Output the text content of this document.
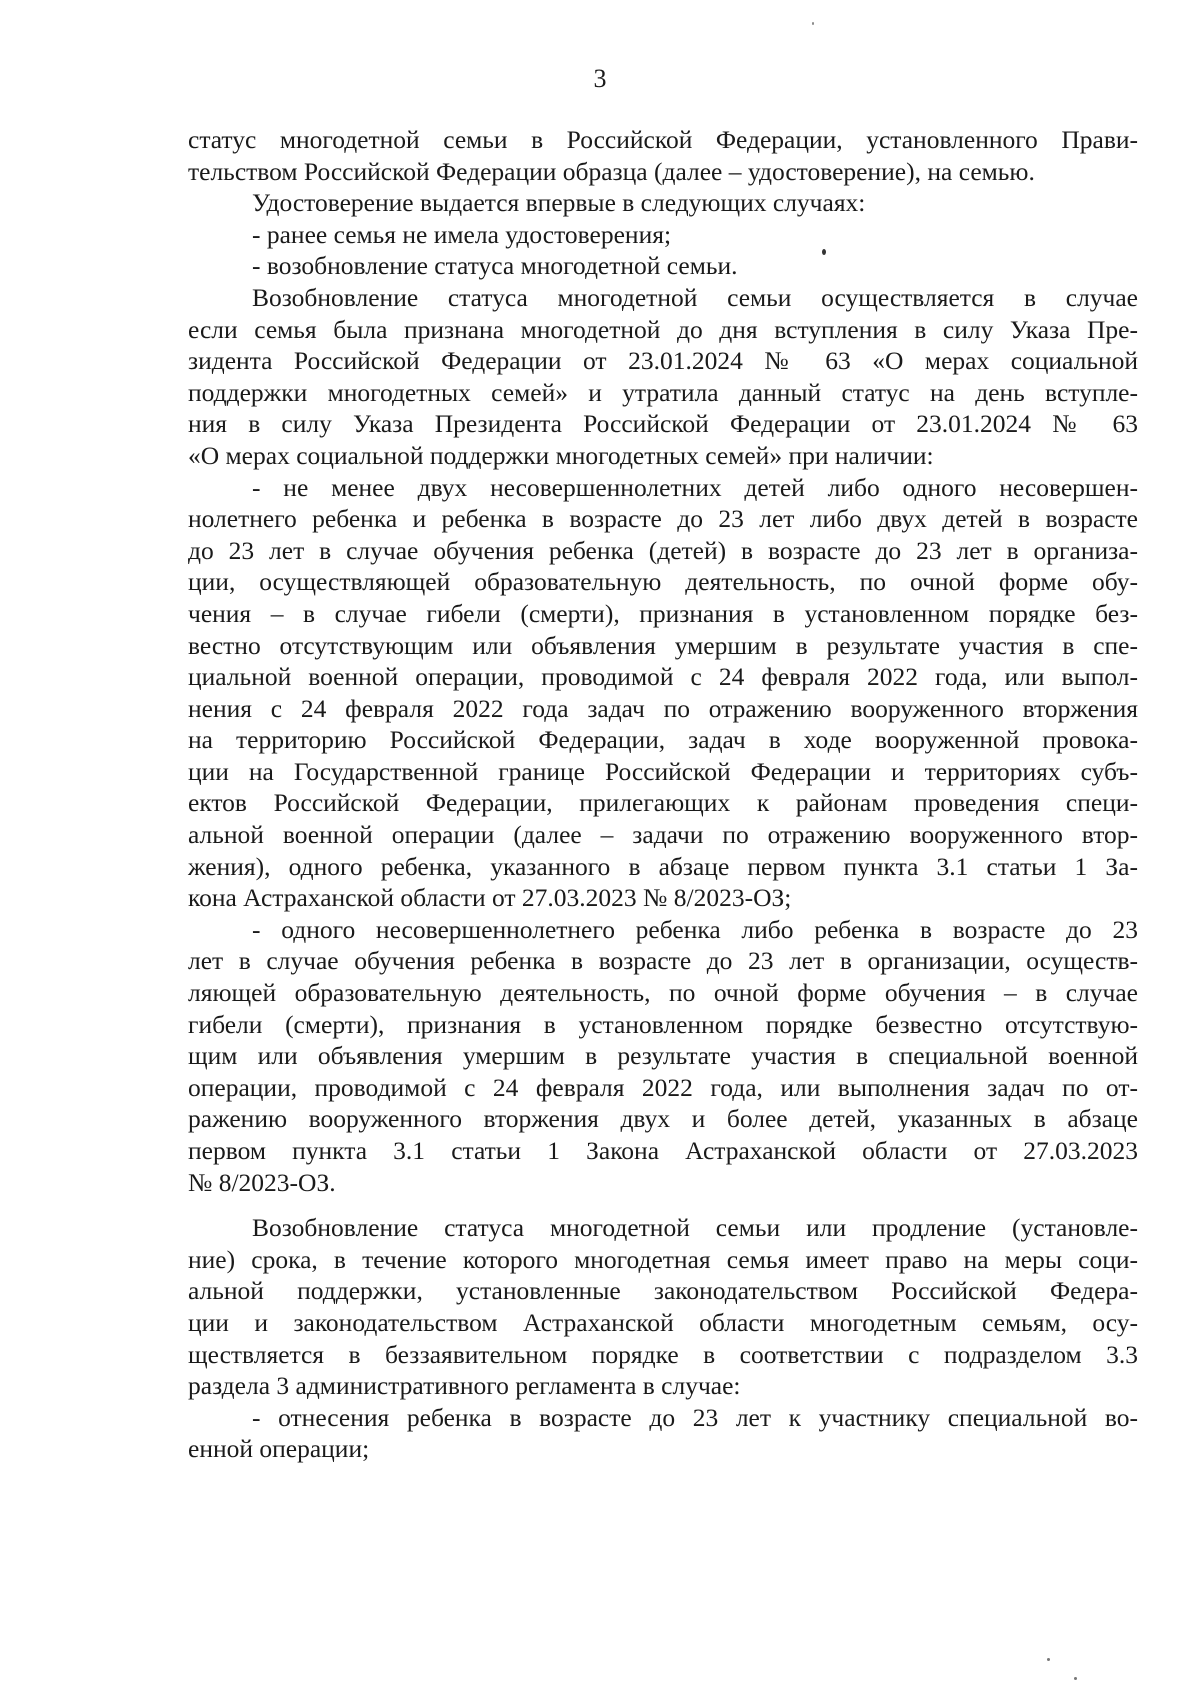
3

статус многодетной семьи в Российской Федерации, установленного Прави-
тельством Российской Федерации образца (далее – удостоверение), на семью.

Удостоверение выдается впервые в следующих случаях:

- ранее семья не имела удостоверения;

- возобновление статуса многодетной семьи.

Возобновление статуса многодетной семьи осуществляется в случае
если семья была признана многодетной до дня вступления в силу Указа Пре-
зидента Российской Федерации от 23.01.2024 № 63 «О мерах социальной
поддержки многодетных семей» и утратила данный статус на день вступле-
ния в силу Указа Президента Российской Федерации от 23.01.2024 № 63
«О мерах социальной поддержки многодетных семей» при наличии:

- не менее двух несовершеннолетних детей либо одного несовершен-
нолетнего ребенка и ребенка в возрасте до 23 лет либо двух детей в возрасте
до 23 лет в случае обучения ребенка (детей) в возрасте до 23 лет в организа-
ции, осуществляющей образовательную деятельность, по очной форме обу-
чения – в случае гибели (смерти), признания в установленном порядке без-
вестно отсутствующим или объявления умершим в результате участия в спе-
циальной военной операции, проводимой с 24 февраля 2022 года, или выпол-
нения с 24 февраля 2022 года задач по отражению вооруженного вторжения
на территорию Российской Федерации, задач в ходе вооруженной провока-
ции на Государственной границе Российской Федерации и территориях субъ-
ектов Российской Федерации, прилегающих к районам проведения специ-
альной военной операции (далее – задачи по отражению вооруженного втор-
жения), одного ребенка, указанного в абзаце первом пункта 3.1 статьи 1 За-
кона Астраханской области от 27.03.2023 № 8/2023-ОЗ;

- одного несовершеннолетнего ребенка либо ребенка в возрасте до 23
лет в случае обучения ребенка в возрасте до 23 лет в организации, осуществ-
ляющей образовательную деятельность, по очной форме обучения – в случае
гибели (смерти), признания в установленном порядке безвестно отсутствую-
щим или объявления умершим в результате участия в специальной военной
операции, проводимой с 24 февраля 2022 года, или выполнения задач по от-
ражению вооруженного вторжения двух и более детей, указанных в абзаце
первом пункта 3.1 статьи 1 Закона Астраханской области от 27.03.2023
№ 8/2023-ОЗ.

Возобновление статуса многодетной семьи или продление (установле-
ние) срока, в течение которого многодетная семья имеет право на меры соци-
альной поддержки, установленные законодательством Российской Федера-
ции и законодательством Астраханской области многодетным семьям, осу-
ществляется в беззаявительном порядке в соответствии с подразделом 3.3
раздела 3 административного регламента в случае:

- отнесения ребенка в возрасте до 23 лет к участнику специальной во-
енной операции;
